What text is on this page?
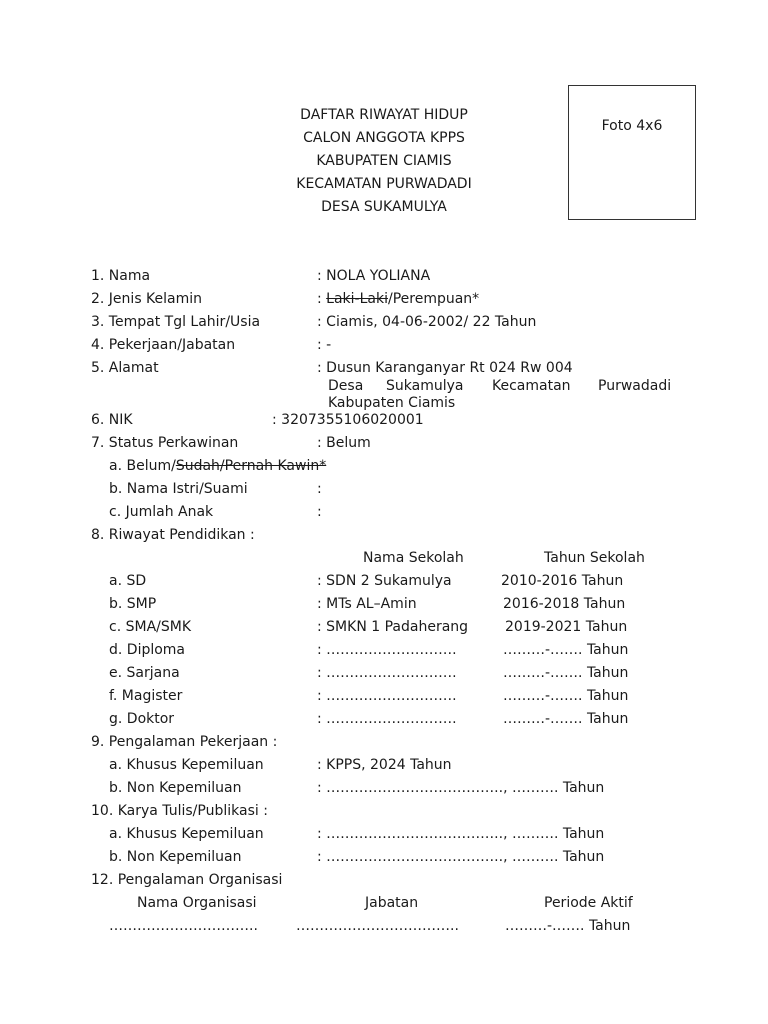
DAFTAR RIWAYAT HIDUP
CALON ANGGOTA KPPS
KABUPATEN CIAMIS
KECAMATAN PURWADADI
DESA SUKAMULYA
Foto 4x6
1. Nama	: NOLA YOLIANA
2. Jenis Kelamin	: Laki-Laki/Perempuan*
3. Tempat Tgl Lahir/Usia	: Ciamis, 04-06-2002/ 22 Tahun
4. Pekerjaan/Jabatan	: -
5. Alamat	: Dusun Karanganyar Rt 024 Rw 004
Desa Sukamulya Kecamatan Purwadadi
Kabupaten Ciamis
6. NIK	: 3207355106020001
7. Status Perkawinan	: Belum
a. Belum/Sudah/Pernah Kawin*
b. Nama Istri/Suami	:
c. Jumlah Anak	:
8. Riwayat Pendidikan :
Nama Sekolah	Tahun Sekolah
a. SD	: SDN 2 Sukamulya	2010-2016 Tahun
b. SMP	: MTs AL–Amin	2016-2018 Tahun
c. SMA/SMK	: SMKN 1 Padaherang	2019-2021 Tahun
d. Diploma	: ……………………….	………-……. Tahun
e. Sarjana	: ……………………….	………-……. Tahun
f. Magister	: ……………………….	………-……. Tahun
g. Doktor	: ……………………….	………-……. Tahun
9. Pengalaman Pekerjaan :
a. Khusus Kepemiluan	: KPPS, 2024 Tahun
b. Non Kepemiluan	: ……………………………….., ………. Tahun
10. Karya Tulis/Publikasi :
a. Khusus Kepemiluan	: ……………………………….., ………. Tahun
b. Non Kepemiluan	: ……………………………….., ………. Tahun
12. Pengalaman Organisasi
Nama Organisasi	Jabatan	Periode Aktif
…………………………..	……………………………..	………-……. Tahun
